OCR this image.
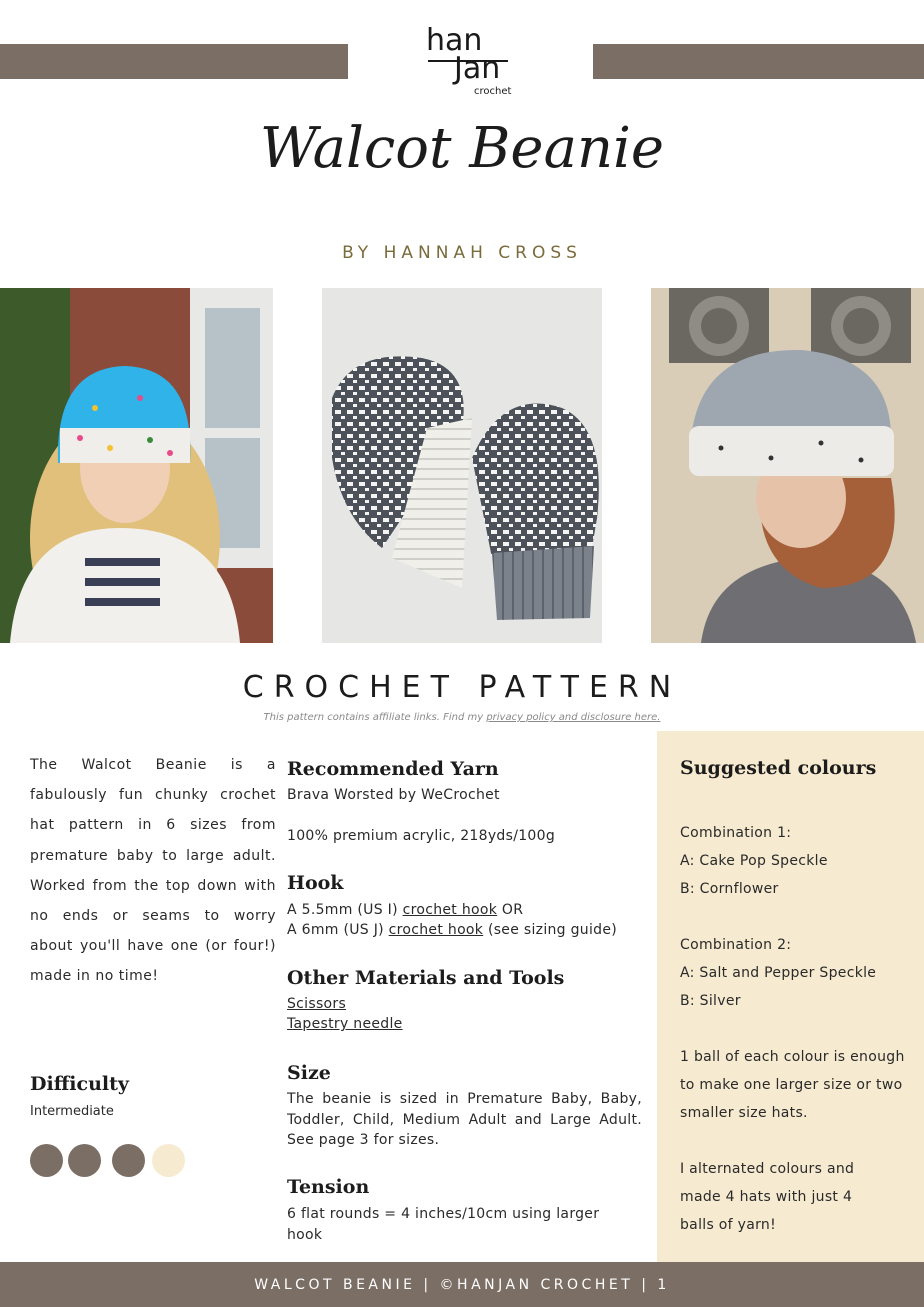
han
Jan
crochet
Walcot Beanie
BY HANNAH CROSS
CROCHET PATTERN
This pattern contains affiliate links. Find my privacy policy and disclosure here.
The Walcot Beanie is a fabulously fun chunky crochet hat pattern in 6 sizes from premature baby to large adult. Worked from the top down with no ends or seams to worry about you'll have one (or four!) made in no time!
Difficulty
Intermediate
Recommended Yarn
Brava Worsted by WeCrochet
100% premium acrylic, 218yds/100g
Hook
A 5.5mm (US I) crochet hook OR
A 6mm (US J) crochet hook (see sizing guide)
Other Materials and Tools
Scissors
Tapestry needle
Size
The beanie is sized in Premature Baby, Baby, Toddler, Child, Medium Adult and Large Adult. See page 3 for sizes.
Tension
6 flat rounds = 4 inches/10cm using larger hook
Suggested colours
Combination 1:
A: Cake Pop Speckle
B: Cornflower
Combination 2:
A: Salt and Pepper Speckle
B: Silver
1 ball of each colour is enough to make one larger size or two smaller size hats.
I alternated colours and made 4 hats with just 4 balls of yarn!
WALCOT BEANIE | ©HANJAN CROCHET | 1
